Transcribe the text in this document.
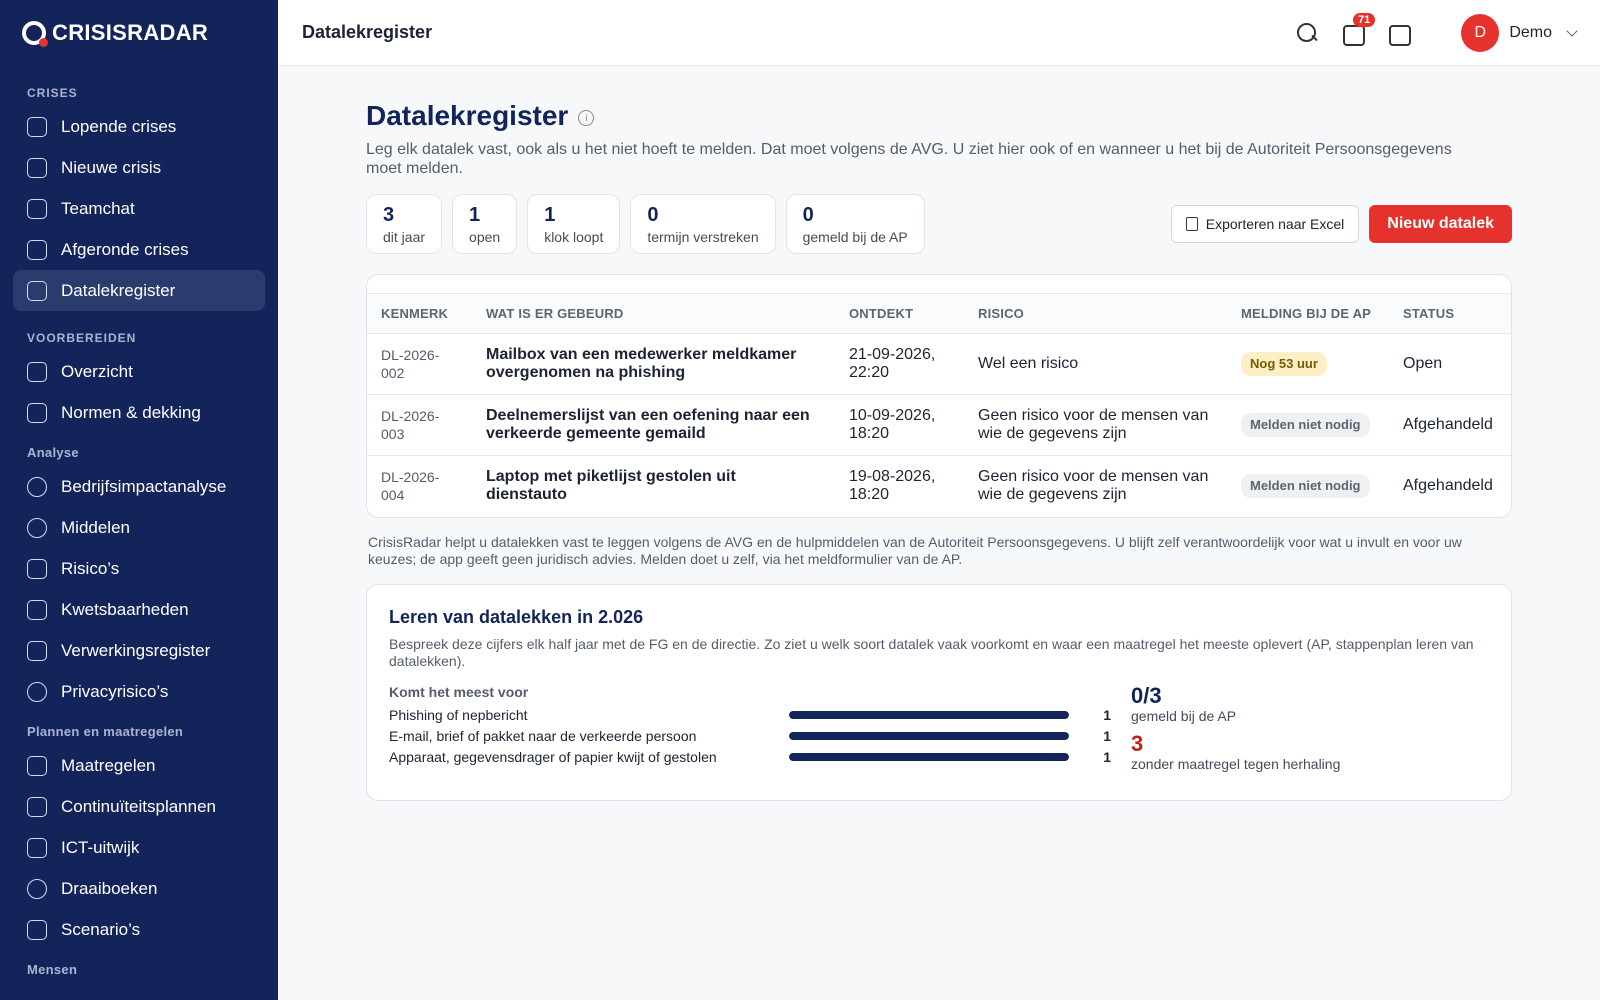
CRISISRADAR
CRISES
Lopende crises
Nieuwe crisis
Teamchat
Afgeronde crises
Datalekregister
VOORBEREIDEN
Overzicht
Normen & dekking
Analyse
Bedrijfsimpactanalyse
Middelen
Risico’s
Kwetsbaarheden
Verwerkingsregister
Privacyrisico’s
Plannen en maatregelen
Maatregelen
Continuïteitsplannen
ICT-uitwijk
Draaiboeken
Scenario’s
Mensen
Datalekregister
71
D	Demo
Datalekregister	i

Leg elk datalek vast, ook als u het niet hoeft te melden. Dat moet volgens de AVG. U ziet hier ook of en wanneer u het bij de Autoriteit Persoonsgegevens moet melden.

3
dit jaar
1
open
1
klok loopt
0
termijn verstreken
0
gemeld bij de AP
Exporteren naar Excel	Nieuw datalek
KENMERK	WAT IS ER GEBEURD	ONTDEKT	RISICO	MELDING BIJ DE AP	STATUS
DL-2026-002	Mailbox van een medewerker meldkamer overgenomen na phishing	21-09-2026, 22:20	Wel een risico	Nog 53 uur	Open
DL-2026-003	Deelnemerslijst van een oefening naar een verkeerde gemeente gemaild	10-09-2026, 18:20	Geen risico voor de mensen van wie de gegevens zijn	Melden niet nodig	Afgehandeld
DL-2026-004	Laptop met piketlijst gestolen uit dienstauto	19-08-2026, 18:20	Geen risico voor de mensen van wie de gegevens zijn	Melden niet nodig	Afgehandeld

CrisisRadar helpt u datalekken vast te leggen volgens de AVG en de hulpmiddelen van de Autoriteit Persoonsgegevens. U blijft zelf verantwoordelijk voor wat u invult en voor uw keuzes; de app geeft geen juridisch advies. Melden doet u zelf, via het meldformulier van de AP.

Leren van datalekken in 2.026

Bespreek deze cijfers elk half jaar met de FG en de directie. Zo ziet u welk soort datalek vaak voorkomt en waar een maatregel het meeste oplevert (AP, stappenplan leren van datalekken).

Komt het meest voor
Phishing of nepbericht	1
E-mail, brief of pakket naar de verkeerde persoon	1
Apparaat, gegevensdrager of papier kwijt of gestolen	1
0/3
gemeld bij de AP
3
zonder maatregel tegen herhaling
